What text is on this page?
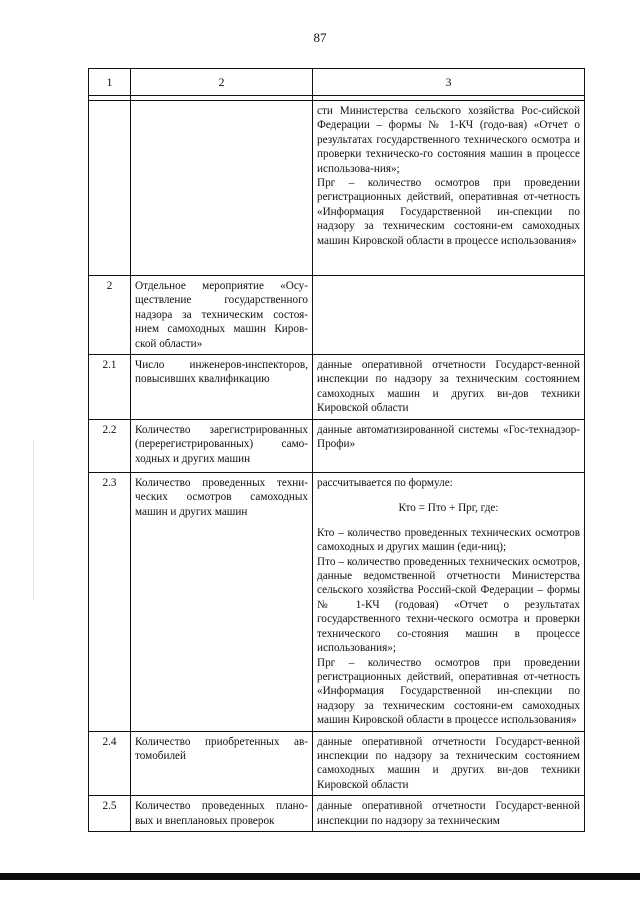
87
1	2	3

		сти Министерства сельского хозяйства Рос-сийской Федерации – формы № 1-КЧ (годо-вая) «Отчет о результатах государственного технического осмотра и проверки техническо-го состояния машин в процессе использова-ния»;
Прг – количество осмотров при проведении регистрационных действий, оперативная от-четность «Информация Государственной ин-спекции по надзору за техническим состояни-ем самоходных машин Кировской области в процессе использования»

2	Отдельное мероприятие «Осу-ществление государственного надзора за техническим состоя-нием самоходных машин Киров-ской области»	
2.1	Число инженеров-инспекторов, повысивших квалификацию	данные оперативной отчетности Государст-венной инспекции по надзору за техническим состоянием самоходных машин и других ви-дов техники Кировской области

2.2	Количество зарегистрированных (перерегистрированных) само-ходных и других машин	данные автоматизированной системы «Гос-технадзор-Профи»

2.3	Количество проведенных техни-ческих осмотров самоходных машин и других машин	рассчитывается по формуле:
Кто = Пто + Прг, где:
Кто – количество проведенных технических осмотров самоходных и других машин (еди-ниц);
Пто – количество проведенных технических осмотров, данные ведомственной отчетности Министерства сельского хозяйства Россий-ской Федерации – формы № 1-КЧ (годовая) «Отчет о результатах государственного техни-ческого осмотра и проверки технического со-стояния машин в процессе использования»;
Прг – количество осмотров при проведении регистрационных действий, оперативная от-четность «Информация Государственной ин-спекции по надзору за техническим состояни-ем самоходных машин Кировской области в процессе использования»

2.4	Количество приобретенных ав-томобилей	данные оперативной отчетности Государст-венной инспекции по надзору за техническим состоянием самоходных машин и других ви-дов техники Кировской области

2.5	Количество проведенных плано-вых и внеплановых проверок	данные оперативной отчетности Государст-венной инспекции по надзору за техническим
